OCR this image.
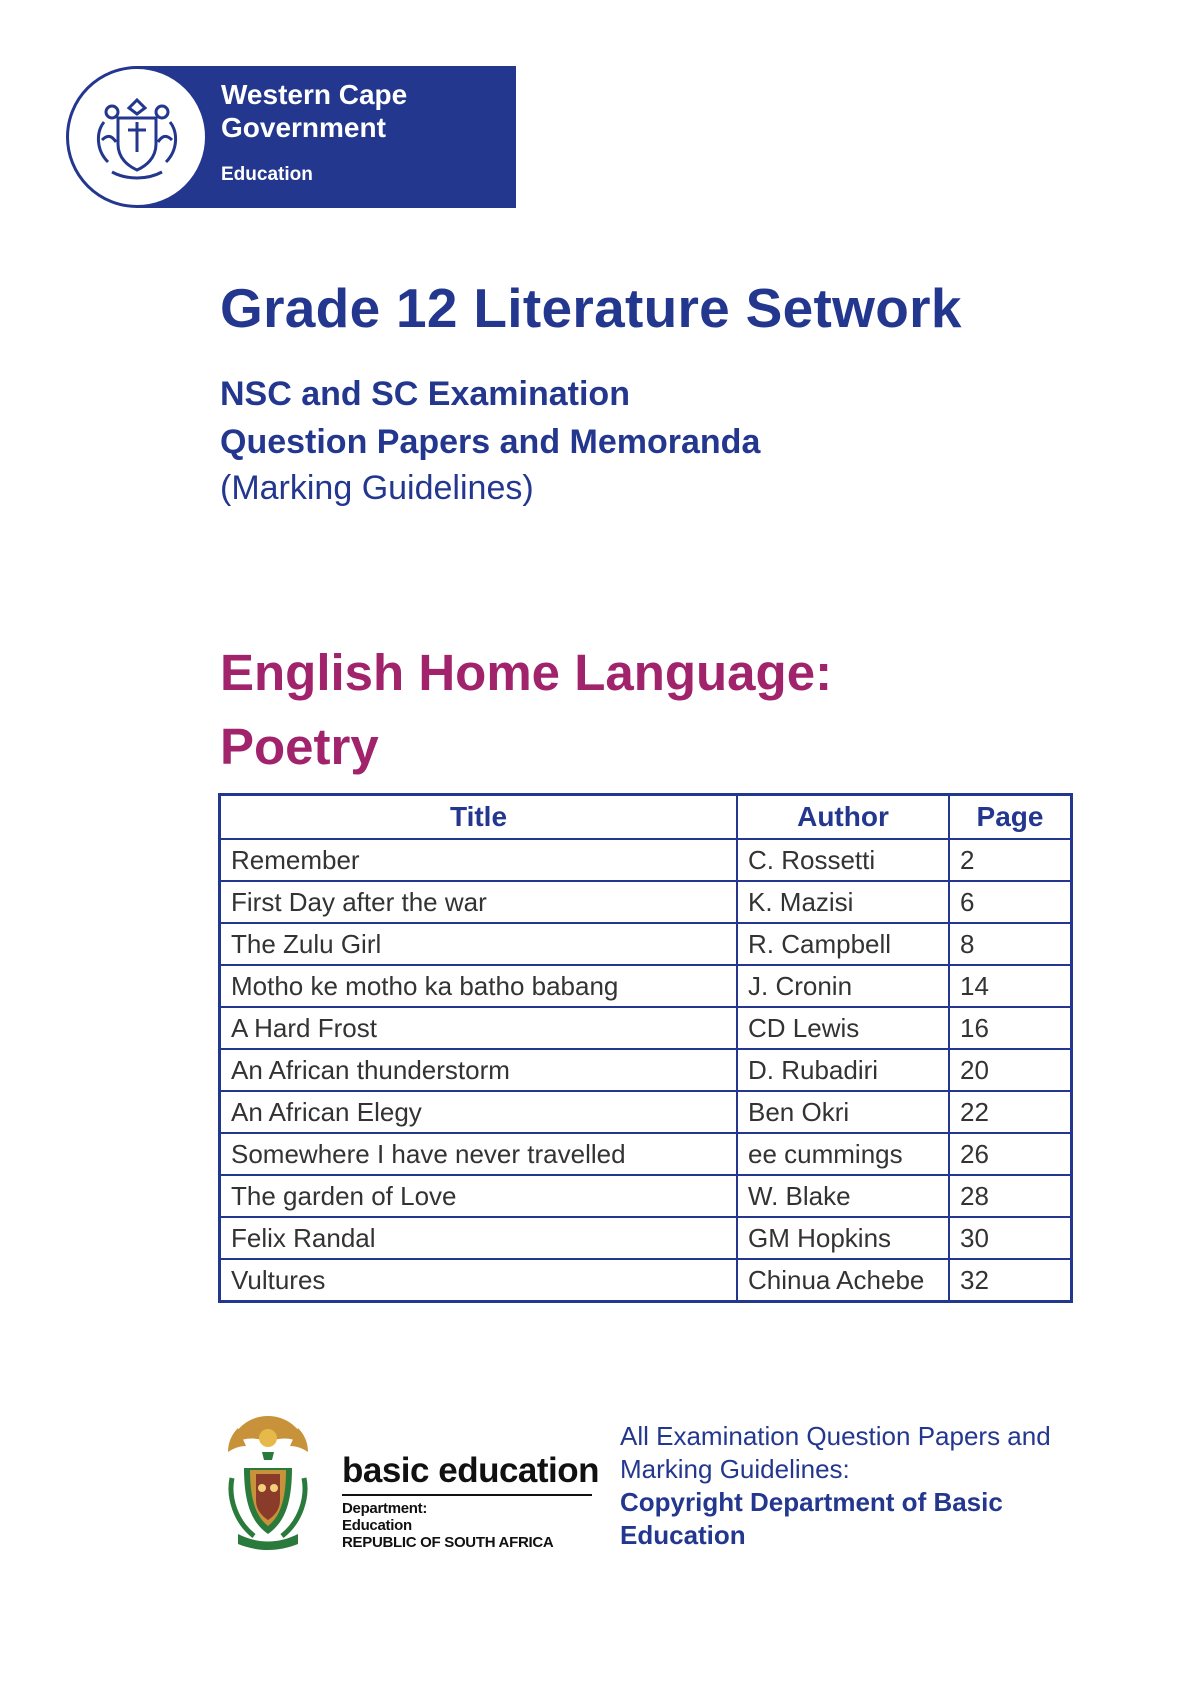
Western Cape

Government

Education
Grade 12 Literature Setwork

NSC and SC Examination

Question Papers and Memoranda

(Marking Guidelines)

English Home Language:
Poetry
Title	Author	Page
Remember	C. Rossetti	2
First Day after the war	K. Mazisi	6
The Zulu Girl	R. Campbell	8
Motho ke motho ka batho babang	J. Cronin	14
A Hard Frost	CD Lewis	16
An African thunderstorm	D. Rubadiri	20
An African Elegy	Ben Okri	22
Somewhere I have never travelled	ee cummings	26
The garden of Love	W. Blake	28
Felix Randal	GM Hopkins	30
Vultures	Chinua Achebe	32

basic education

Department:

Education

REPUBLIC OF SOUTH AFRICA

All Examination Question Papers and

Marking Guidelines:

Copyright Department of Basic

Education
